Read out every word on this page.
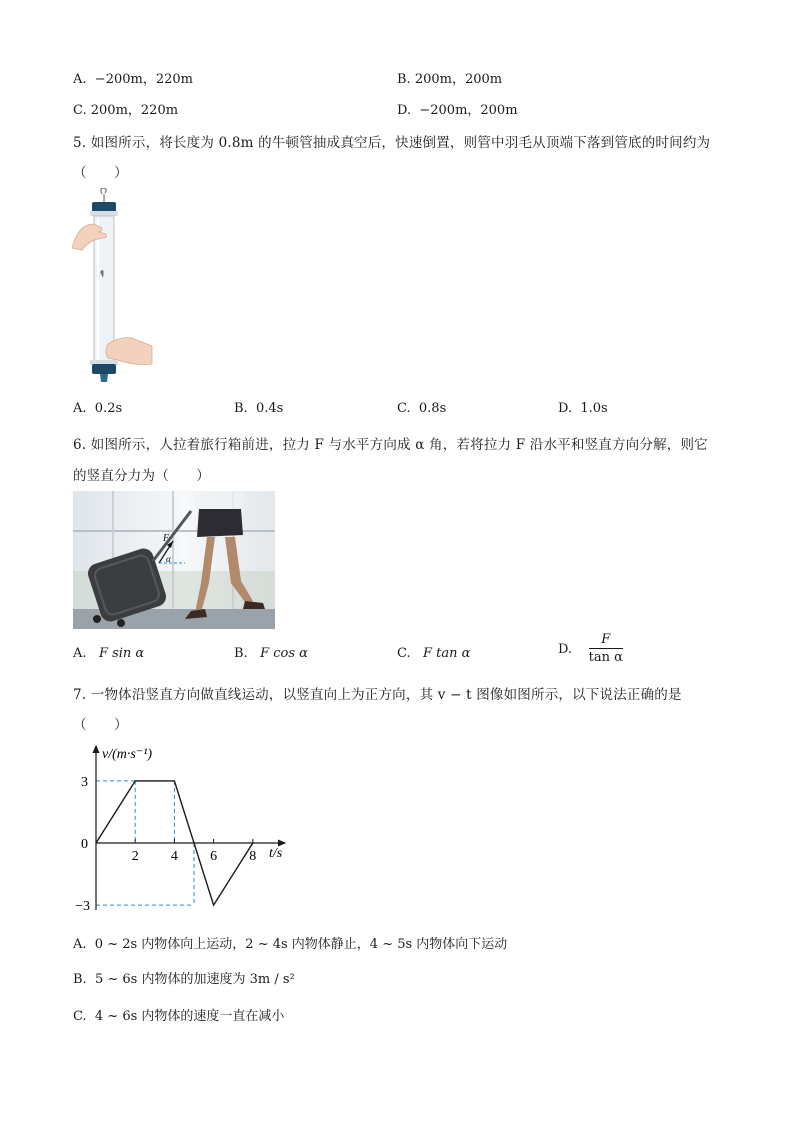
A. −200m，220m	B. 200m，200m
C. 200m，220m	D. −200m，200m
5. 如图所示，将长度为 0.8m 的牛顿管抽成真空后，快速倒置，则管中羽毛从顶端下落到管底的时间约为
（　　）
A. 0.2s	B. 0.4s	C. 0.8s	D. 1.0s
6. 如图所示，人拉着旅行箱前进，拉力 F 与水平方向成 α 角，若将拉力 F 沿水平和竖直方向分解，则它
的竖直分力为（　　）
F
α
A. F sin α	B. F cos α	C. F tan α	D. $\frac{F}{\text{tan α}}$
7. 一物体沿竖直方向做直线运动，以竖直向上为正方向，其 v − t 图像如图所示，以下说法正确的是
（　　）
v/(m·s⁻¹)
t/s
2 4 6 8
3
0
−3
A. 0 ~ 2s 内物体向上运动，2 ~ 4s 内物体静止，4 ~ 5s 内物体向下运动
B. 5 ~ 6s 内物体的加速度为 3m / s²
C. 4 ~ 6s 内物体的速度一直在减小
